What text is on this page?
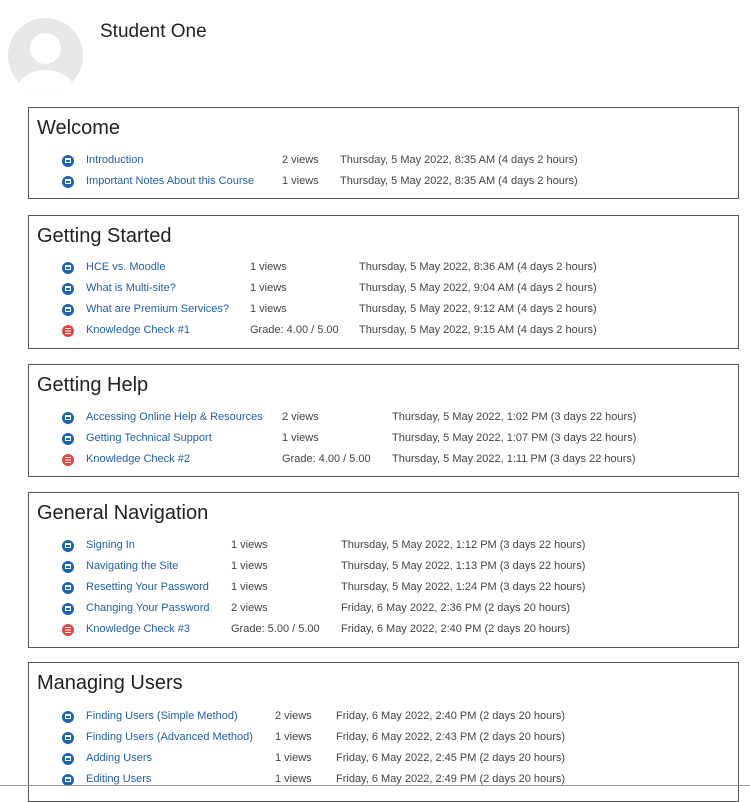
Student One
Welcome
Introduction	2 views Thursday, 5 May 2022, 8:35 AM (4 days 2 hours)
Important Notes About this Course	1 views Thursday, 5 May 2022, 8:35 AM (4 days 2 hours)
Getting Started
HCE vs. Moodle	1 views	Thursday, 5 May 2022, 8:36 AM (4 days 2 hours)
What is Multi-site?	1 views	Thursday, 5 May 2022, 9:04 AM (4 days 2 hours)
What are Premium Services? 1 views	Thursday, 5 May 2022, 9:12 AM (4 days 2 hours)
Knowledge Check #1	Grade: 4.00 / 5.00 Thursday, 5 May 2022, 9:15 AM (4 days 2 hours)
Getting Help
Accessing Online Help & Resources 2 views	Thursday, 5 May 2022, 1:02 PM (3 days 22 hours)
Getting Technical Support	1 views	Thursday, 5 May 2022, 1:07 PM (3 days 22 hours)
Knowledge Check #2	Grade: 4.00 / 5.00 Thursday, 5 May 2022, 1:11 PM (3 days 22 hours)
General Navigation
Signing In	1 views	Thursday, 5 May 2022, 1:12 PM (3 days 22 hours)
Navigating the Site	1 views	Thursday, 5 May 2022, 1:13 PM (3 days 22 hours)
Resetting Your Password 1 views	Thursday, 5 May 2022, 1:24 PM (3 days 22 hours)
Changing Your Password 2 views	Friday, 6 May 2022, 2:36 PM (2 days 20 hours)
Knowledge Check #3	Grade: 5.00 / 5.00 Friday, 6 May 2022, 2:40 PM (2 days 20 hours)
Managing Users
Finding Users (Simple Method)	2 views Friday, 6 May 2022, 2:40 PM (2 days 20 hours)
Finding Users (Advanced Method) 1 views Friday, 6 May 2022, 2:43 PM (2 days 20 hours)
Adding Users	1 views Friday, 6 May 2022, 2:45 PM (2 days 20 hours)
Editing Users	1 views Friday, 6 May 2022, 2:49 PM (2 days 20 hours)
